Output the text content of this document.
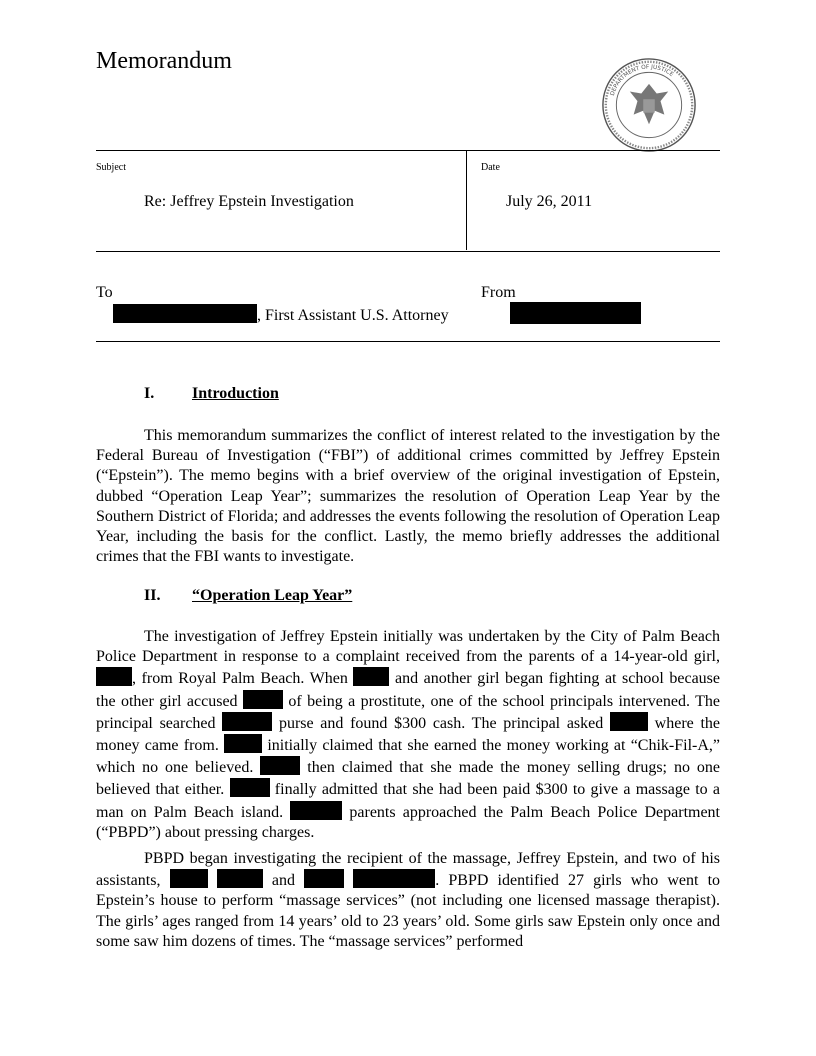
Memorandum
DEPARTMENT OF JUSTICE
Subject
Re: Jeffrey Epstein Investigation
Date
July 26, 2011
To
, First Assistant U.S. Attorney
From
I. Introduction

This memorandum summarizes the conflict of interest related to the investigation by the Federal Bureau of Investigation (“FBI”) of additional crimes committed by Jeffrey Epstein (“Epstein”). The memo begins with a brief overview of the original investigation of Epstein, dubbed “Operation Leap Year”; summarizes the resolution of Operation Leap Year by the Southern District of Florida; and addresses the events following the resolution of Operation Leap Year, including the basis for the conflict. Lastly, the memo briefly addresses the additional crimes that the FBI wants to investigate.

II. “Operation Leap Year”

The investigation of Jeffrey Epstein initially was undertaken by the City of Palm Beach Police Department in response to a complaint received from the parents of a 14-year-old girl, , from Royal Palm Beach. When	and another girl began fighting at school because the other girl accused	of being a prostitute, one of the school principals intervened. The principal searched	purse and found $300 cash. The principal asked	where the money came from.	initially claimed that she earned the money working at “Chik-Fil-A,” which no one believed.	then claimed that she made the money selling drugs; no one believed that either.	finally admitted that she had been paid $300 to give a massage to a man on Palm Beach island.	parents approached the Palm Beach Police Department (“PBPD”) about pressing charges.

PBPD began investigating the recipient of the massage, Jeffrey Epstein, and two of his assistants,	and	. PBPD identified 27 girls who went to Epstein’s house to perform “massage services” (not including one licensed massage therapist). The girls’ ages ranged from 14 years’ old to 23 years’ old. Some girls saw Epstein only once and some saw him dozens of times. The “massage services” performed
